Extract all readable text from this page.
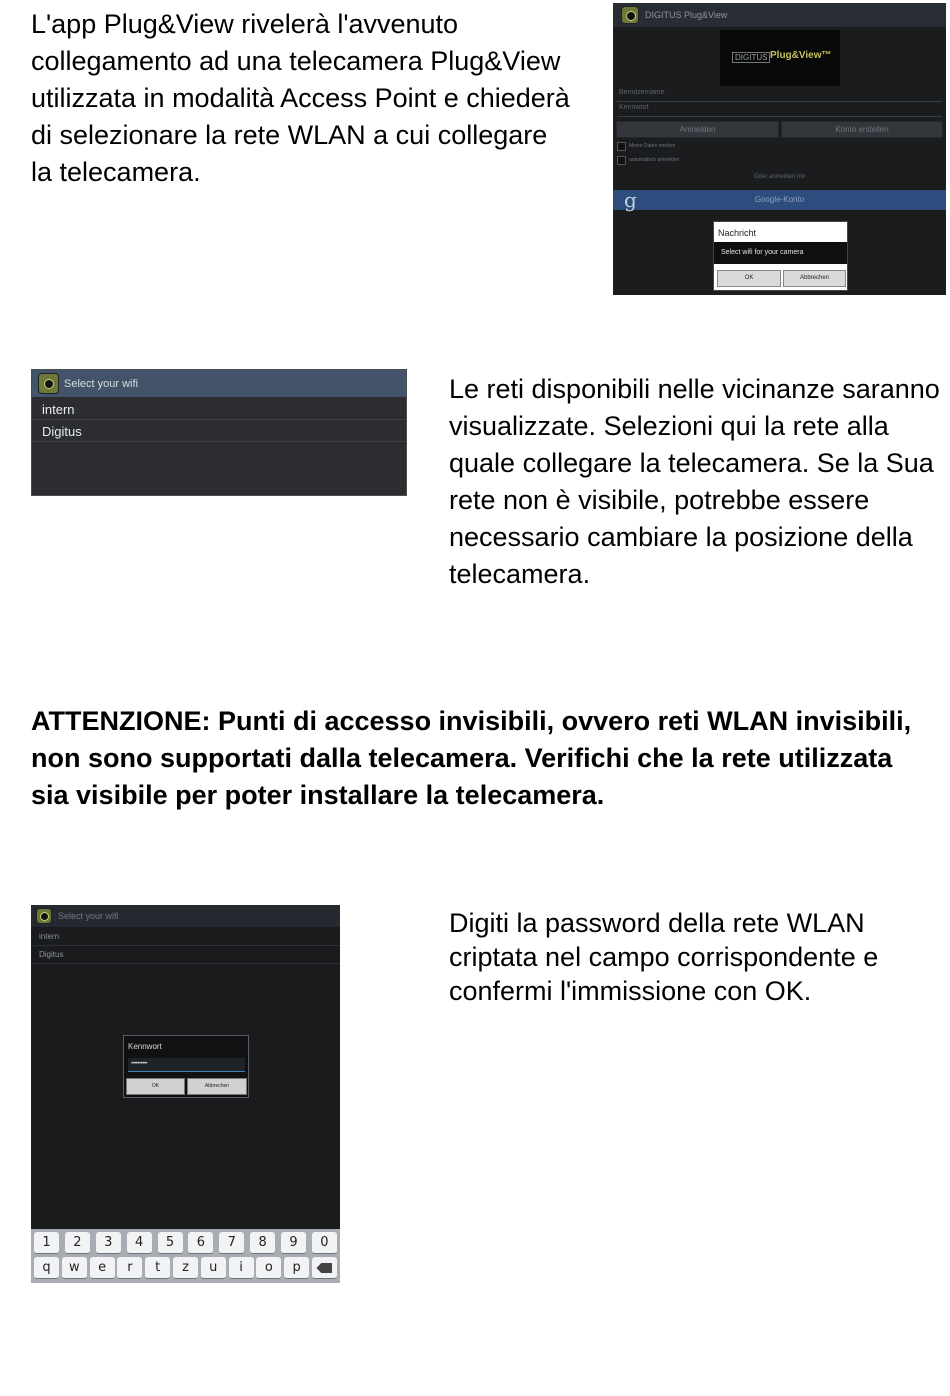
L'app Plug&View rivelerà l'avvenuto collegamento ad una telecamera Plug&View utilizzata in modalità Access Point e chiederà di selezionare la rete WLAN a cui collegare la telecamera.

DIGITUS Plug&View
DIGITUS Plug&View™
Benutzername
Kennwort
Anmelden	Konto erstellen
Meine Daten merken
automatisch anmelden
Oder anmelden mit
g	Google-Konto
Nachricht
Select wifi for your camera
OK	Abbrechen
Select your wifi
intern
Digitus

Le reti disponibili nelle vicinanze saranno visualizzate. Selezioni qui la rete alla quale collegare la telecamera. Se la Sua rete non è visibile, potrebbe essere necessario cambiare la posizione della telecamera.

ATTENZIONE: Punti di accesso invisibili, ovvero reti WLAN invisibili, non sono supportati dalla telecamera. Verifichi che la rete utilizzata sia visibile per poter installare la telecamera.

Select your wifi
intern
Digitus
Kennwort
••••••••••
OK	Abbrechen
1	2	3	4	5	6	7	8	9	0
q	w	e	r	t	z	u	i	o	p

Digiti la password della rete WLAN criptata nel campo corrispondente e confermi l'immissione con OK.
